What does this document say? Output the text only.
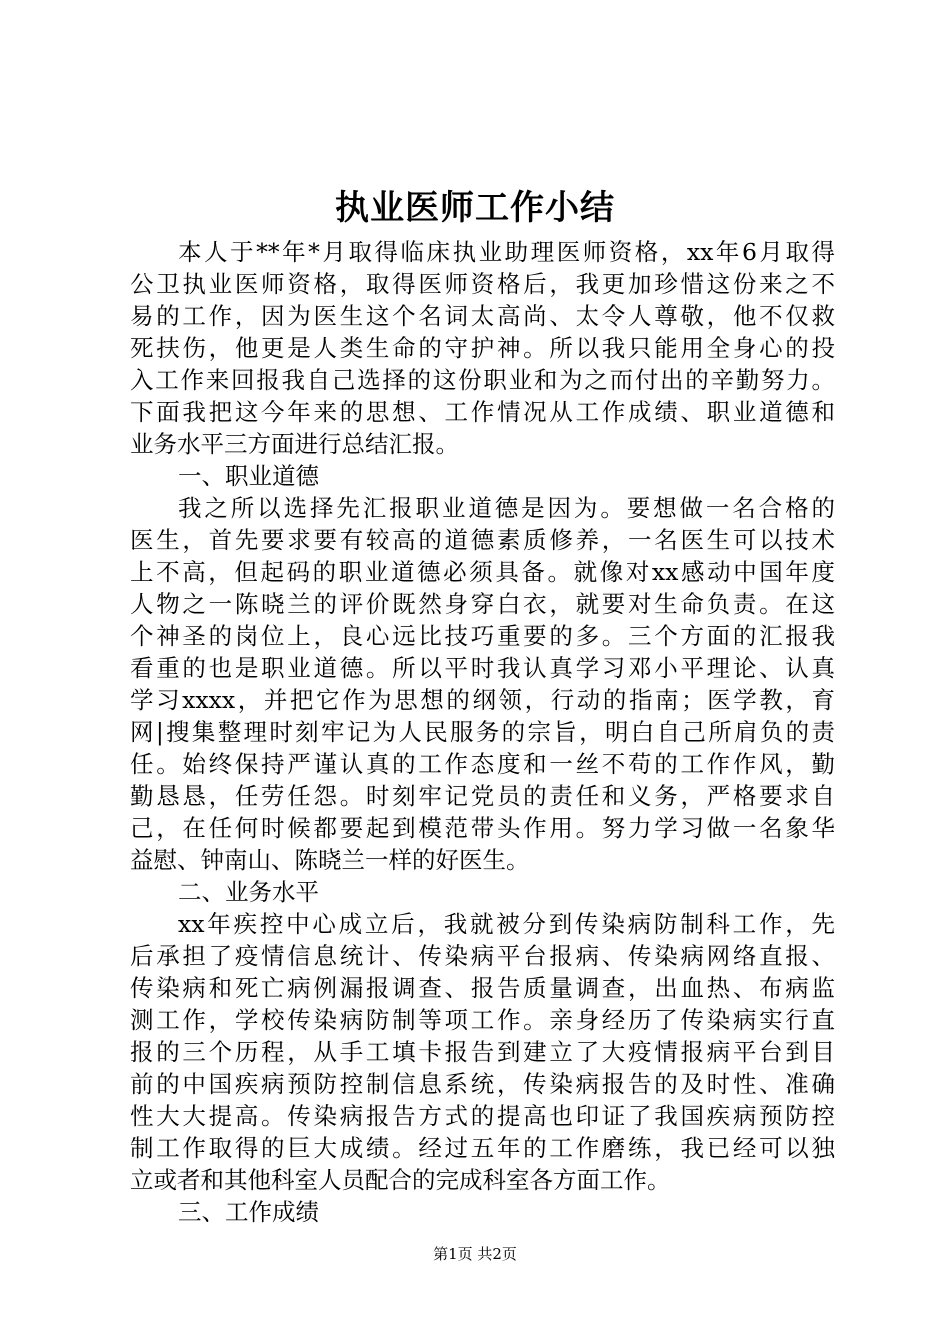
执业医师工作小结
本人于**年*月取得临床执业助理医师资格，xx年6月取得
公卫执业医师资格，取得医师资格后，我更加珍惜这份来之不
易的工作，因为医生这个名词太高尚、太令人尊敬，他不仅救
死扶伤，他更是人类生命的守护神。所以我只能用全身心的投
入工作来回报我自己选择的这份职业和为之而付出的辛勤努力。
下面我把这今年来的思想、工作情况从工作成绩、职业道德和
业务水平三方面进行总结汇报。
一、职业道德
我之所以选择先汇报职业道德是因为。要想做一名合格的
医生，首先要求要有较高的道德素质修养，一名医生可以技术
上不高，但起码的职业道德必须具备。就像对xx感动中国年度
人物之一陈晓兰的评价既然身穿白衣，就要对生命负责。在这
个神圣的岗位上，良心远比技巧重要的多。三个方面的汇报我
看重的也是职业道德。所以平时我认真学习邓小平理论、认真
学习xxxx，并把它作为思想的纲领，行动的指南；医学教，育
网|搜集整理时刻牢记为人民服务的宗旨，明白自己所肩负的责
任。始终保持严谨认真的工作态度和一丝不苟的工作作风，勤
勤恳恳，任劳任怨。时刻牢记党员的责任和义务，严格要求自
己，在任何时候都要起到模范带头作用。努力学习做一名象华
益慰、钟南山、陈晓兰一样的好医生。
二、业务水平
xx年疾控中心成立后，我就被分到传染病防制科工作，先
后承担了疫情信息统计、传染病平台报病、传染病网络直报、
传染病和死亡病例漏报调查、报告质量调查，出血热、布病监
测工作，学校传染病防制等项工作。亲身经历了传染病实行直
报的三个历程，从手工填卡报告到建立了大疫情报病平台到目
前的中国疾病预防控制信息系统，传染病报告的及时性、准确
性大大提高。传染病报告方式的提高也印证了我国疾病预防控
制工作取得的巨大成绩。经过五年的工作磨练，我已经可以独
立或者和其他科室人员配合的完成科室各方面工作。
三、工作成绩
第1页 共2页
